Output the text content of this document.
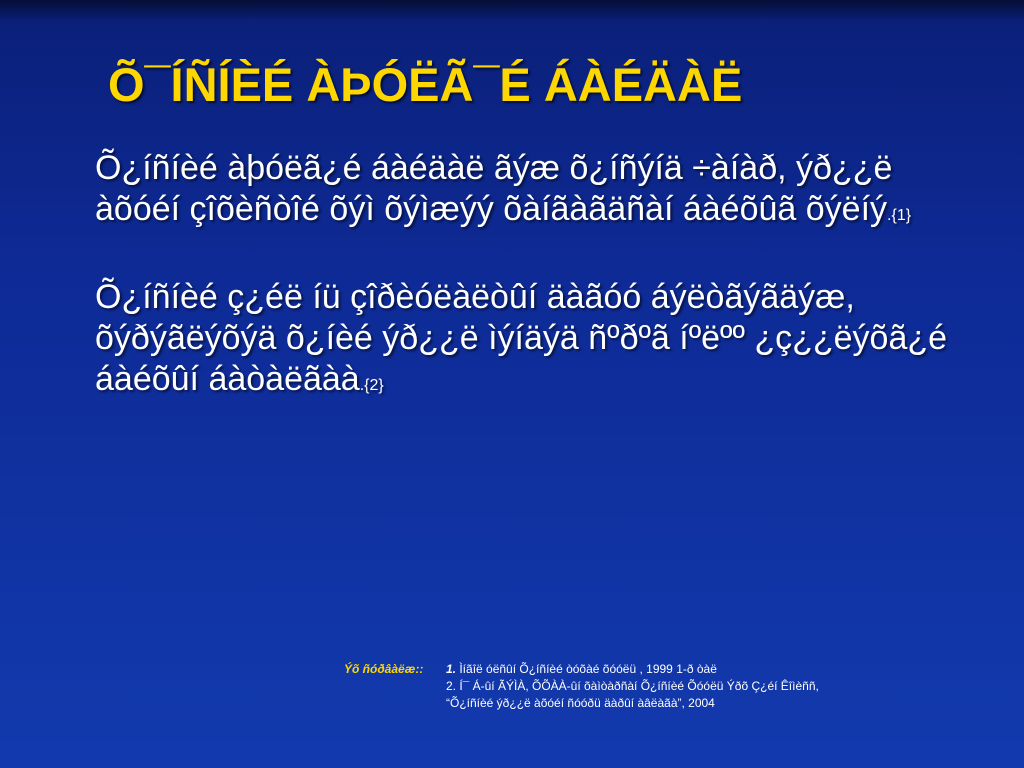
Õ¯ÍÑÍÈÉ ÀÞÓËÃ¯É ÁÀÉÄÀË

Õ¿íñíèé àþóëã¿é áàéäàë ãýæ õ¿íñýíä ÷àíàð, ýð¿¿ë àõóéí çîõèñòîé õýì õýìæýý õàíãàãäñàí áàéõûã õýëíý.{1}

Õ¿íñíèé ç¿éë íü çîðèóëàëòûí äàãóó áýëòãýãäýæ, õýðýãëýõýä õ¿íèé ýð¿¿ë ìýíäýä ñºðºã íºëºº ¿ç¿¿ëýõã¿é áàéõûí áàòàëãàà.{2}

Ýõ ñóðâàëæ:: 1. Ìíãîë óëñûí Õ¿íñíèé òóõàé õóóëü , 1999 1-ð òàë
2. Í¯ Á-ûí ÃÝÌÀ, ÕÕÀÀ-ûí õàìòàðñàí Õ¿íñíèé Õóóëü Ýðõ Ç¿éí Êîìèññ,
“Õ¿íñíèé ýð¿¿ë àõóéí ñóóðü äàðûí àâëàãà”, 2004
